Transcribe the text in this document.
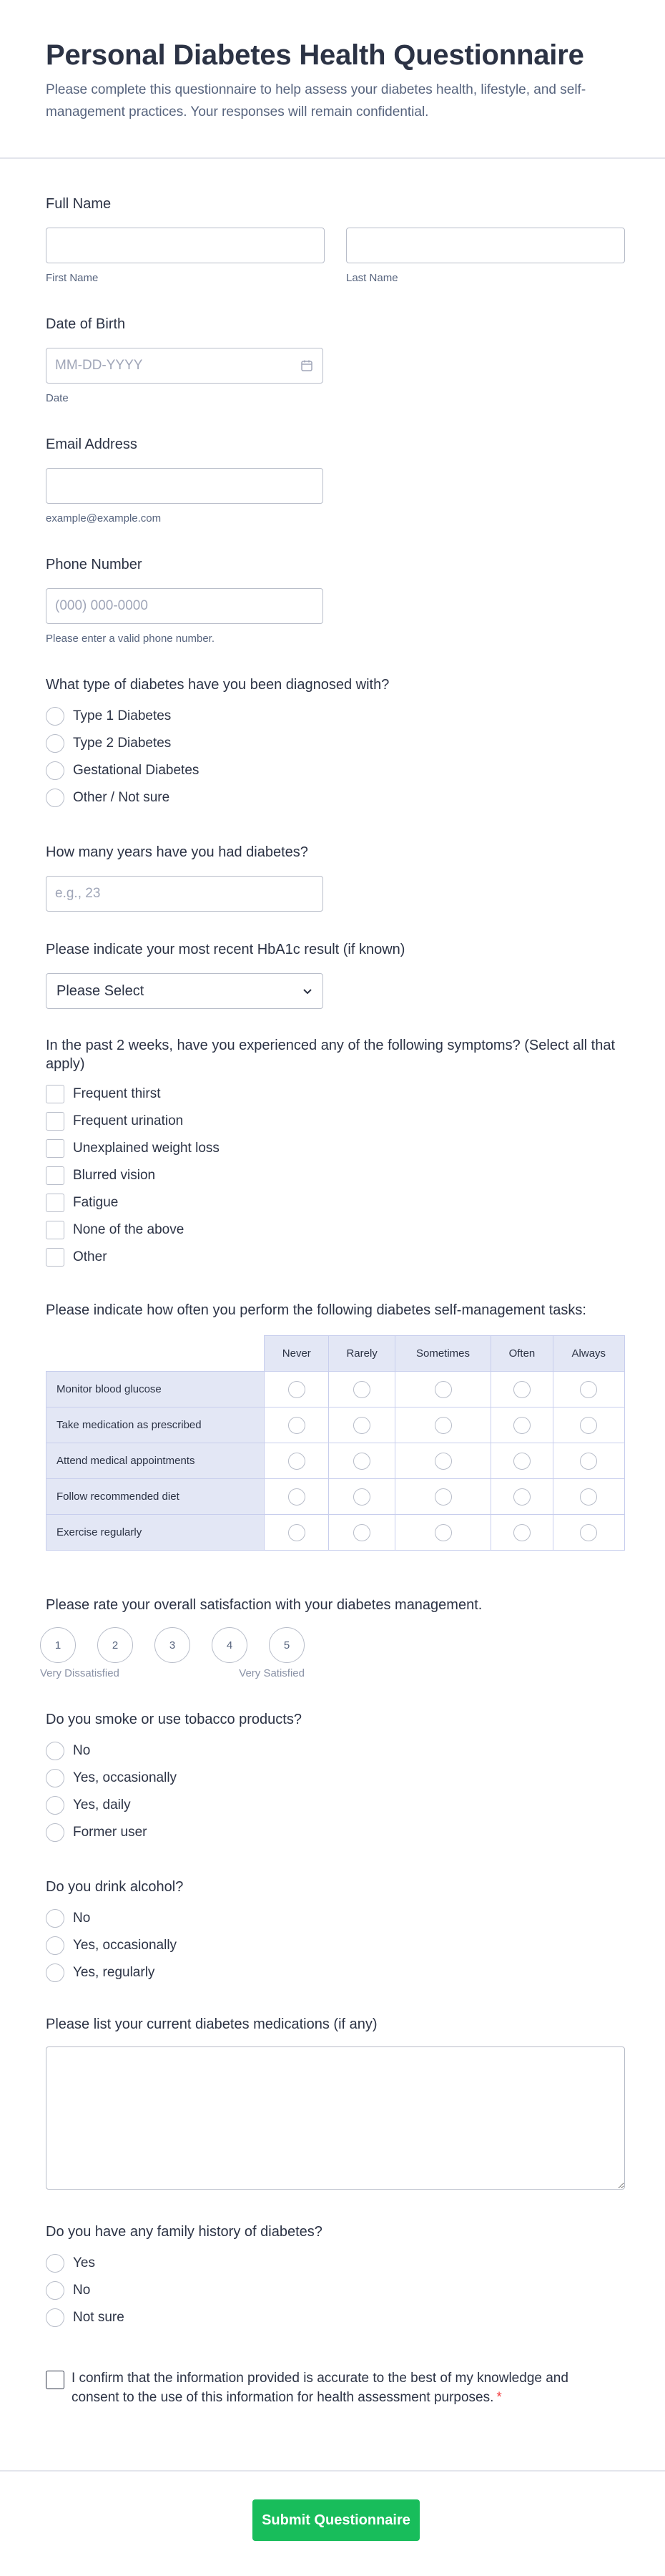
Personal Diabetes Health Questionnaire

Please complete this questionnaire to help assess your diabetes health, lifestyle, and self-management practices. Your responses will remain confidential.

Full Name
First Name	Last Name
Date of Birth
MM-DD-YYYY
Date
Email Address
example@example.com
Phone Number
(000) 000-0000
Please enter a valid phone number.
What type of diabetes have you been diagnosed with?
Type 1 Diabetes
Type 2 Diabetes
Gestational Diabetes
Other / Not sure
How many years have you had diabetes?
e.g., 23
Please indicate your most recent HbA1c result (if known)
Please Select
In the past 2 weeks, have you experienced any of the following symptoms? (Select all that apply)
Frequent thirst
Frequent urination
Unexplained weight loss
Blurred vision
Fatigue
None of the above
Other
Please indicate how often you perform the following diabetes self-management tasks:
	Never	Rarely	Sometimes	Often	Always
Monitor blood glucose					
Take medication as prescribed					
Attend medical appointments					
Follow recommended diet					
Exercise regularly					
Please rate your overall satisfaction with your diabetes management.
1	2	3	4	5
Very Dissatisfied	Very Satisfied
Do you smoke or use tobacco products?
No
Yes, occasionally
Yes, daily
Former user
Do you drink alcohol?
No
Yes, occasionally
Yes, regularly
Please list your current diabetes medications (if any)
Do you have any family history of diabetes?
Yes
No
Not sure
I confirm that the information provided is accurate to the best of my knowledge and consent to the use of this information for health assessment purposes. *
Submit Questionnaire
